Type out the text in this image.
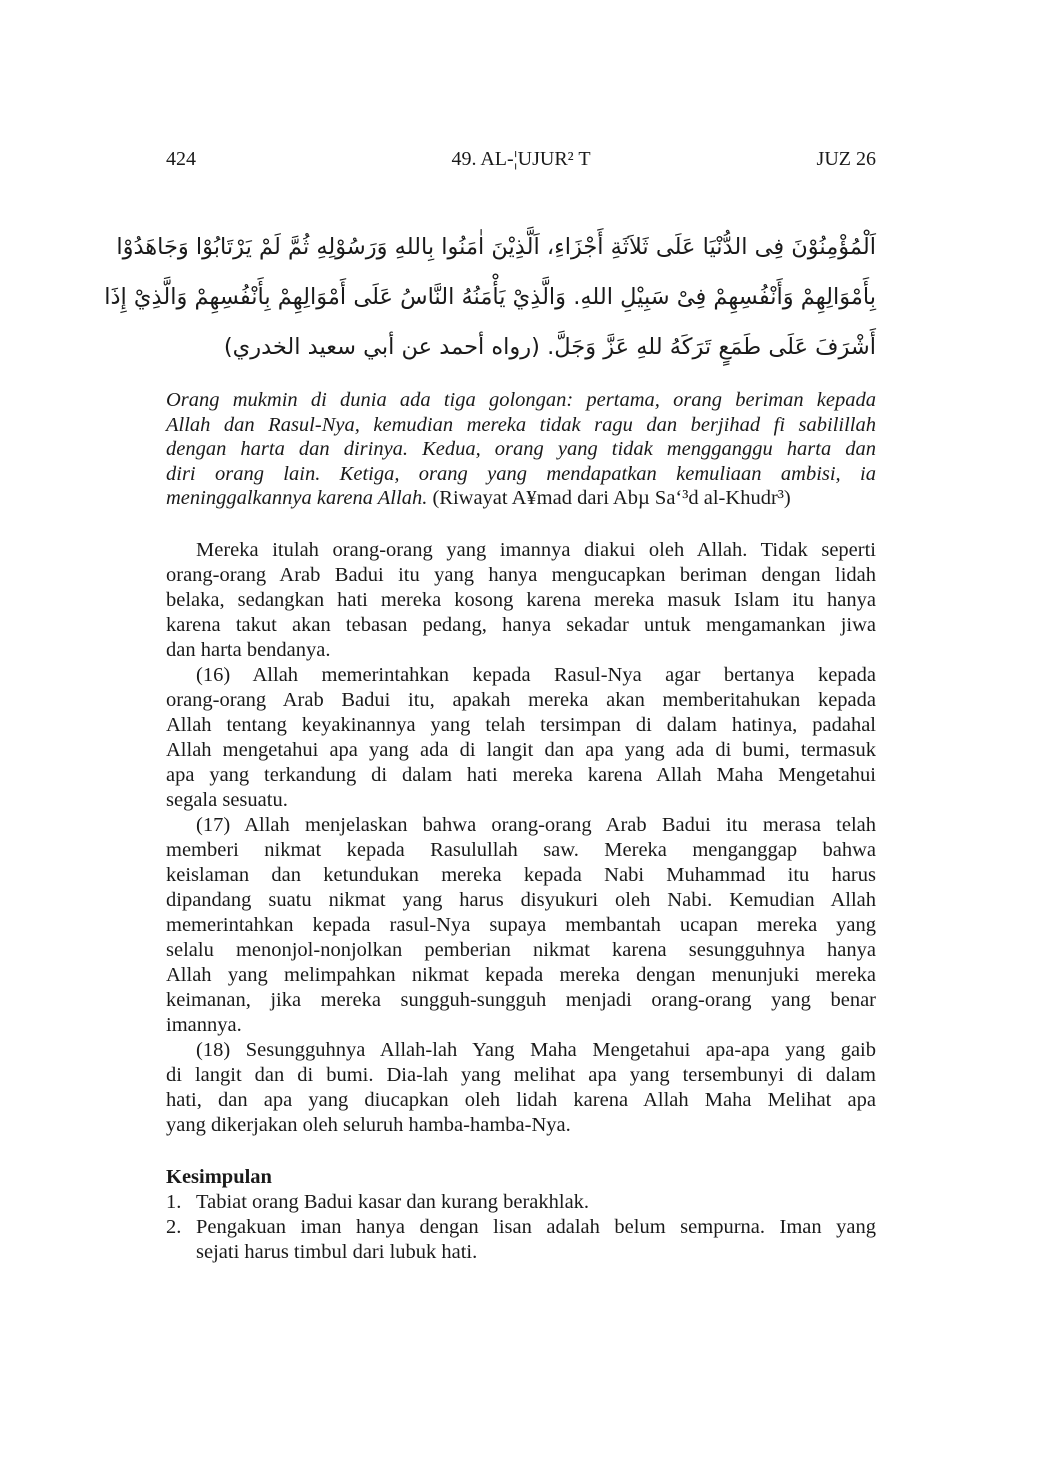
424	49. AL-¦UJUR² T	JUZ 26
اَلْمُؤْمِنُوْنَ فِى الدُّنْيَا عَلَى ثَلاَثَةِ أَجْزَاءِ، اَلَّذِيْنَ اٰمَنُوا بِاللهِ وَرَسُوْلِهِ ثُمَّ لَمْ يَرْتَابُوْا وَجَاهَدُوْا
بِأَمْوَالِهِمْ وَأَنْفُسِهِمْ فِىْ سَبِيْلِ اللهِ. وَالَّذِيْ يَأْمَنُهُ النَّاسُ عَلَى أَمْوَالِهِمْ بِأَنْفُسِهِمْ وَالَّذِيْ إِذَا
أَشْرَفَ عَلَى طَمَعٍ تَرَكَهُ للهِ عَزَّ وَجَلَّ. (رواه أحمد عن أبي سعيد الخدري)
Orang mukmin di dunia ada tiga golongan: pertama, orang beriman kepada
Allah dan Rasul-Nya, kemudian mereka tidak ragu dan berjihad fi sabilillah
dengan harta dan dirinya. Kedua, orang yang tidak mengganggu harta dan
diri orang lain. Ketiga, orang yang mendapatkan kemuliaan ambisi, ia
meninggalkannya karena Allah. (Riwayat A¥mad dari Abµ Sa‘³d al-Khudr³)

Mereka itulah orang-orang yang imannya diakui oleh Allah. Tidak seperti
orang-orang Arab Badui itu yang hanya mengucapkan beriman dengan lidah
belaka, sedangkan hati mereka kosong karena mereka masuk Islam itu hanya
karena takut akan tebasan pedang, hanya sekadar untuk mengamankan jiwa
dan harta bendanya.

(16) Allah memerintahkan kepada Rasul-Nya agar bertanya kepada
orang-orang Arab Badui itu, apakah mereka akan memberitahukan kepada
Allah tentang keyakinannya yang telah tersimpan di dalam hatinya, padahal
Allah mengetahui apa yang ada di langit dan apa yang ada di bumi, termasuk
apa yang terkandung di dalam hati mereka karena Allah Maha Mengetahui
segala sesuatu.

(17) Allah menjelaskan bahwa orang-orang Arab Badui itu merasa telah
memberi nikmat kepada Rasulullah saw. Mereka menganggap bahwa
keislaman dan ketundukan mereka kepada Nabi Muhammad itu harus
dipandang suatu nikmat yang harus disyukuri oleh Nabi. Kemudian Allah
memerintahkan kepada rasul-Nya supaya membantah ucapan mereka yang
selalu menonjol-nonjolkan pemberian nikmat karena sesungguhnya hanya
Allah yang melimpahkan nikmat kepada mereka dengan menunjuki mereka
keimanan, jika mereka sungguh-sungguh menjadi orang-orang yang benar
imannya.

(18) Sesungguhnya Allah-lah Yang Maha Mengetahui apa-apa yang gaib
di langit dan di bumi. Dia-lah yang melihat apa yang tersembunyi di dalam
hati, dan apa yang diucapkan oleh lidah karena Allah Maha Melihat apa
yang dikerjakan oleh seluruh hamba-hamba-Nya.

Kesimpulan
1. Tabiat orang Badui kasar dan kurang berakhlak.
2. Pengakuan iman hanya dengan lisan adalah belum sempurna. Iman yang
sejati harus timbul dari lubuk hati.
